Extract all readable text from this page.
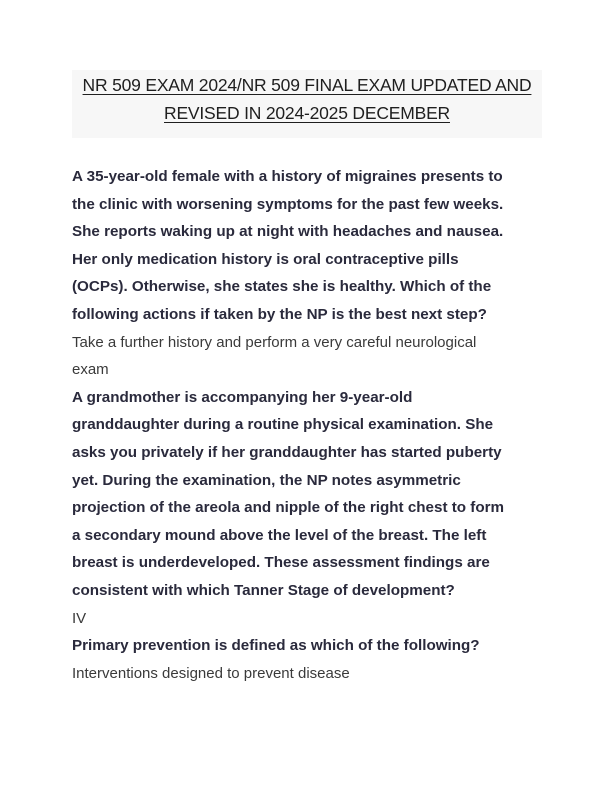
NR 509 EXAM 2024/NR 509 FINAL EXAM UPDATED AND
REVISED IN 2024-2025 DECEMBER
A 35-year-old female with a history of migraines presents to
the clinic with worsening symptoms for the past few weeks.
She reports waking up at night with headaches and nausea.
Her only medication history is oral contraceptive pills
(OCPs). Otherwise, she states she is healthy. Which of the
following actions if taken by the NP is the best next step?
Take a further history and perform a very careful neurological
exam
A grandmother is accompanying her 9-year-old
granddaughter during a routine physical examination. She
asks you privately if her granddaughter has started puberty
yet. During the examination, the NP notes asymmetric
projection of the areola and nipple of the right chest to form
a secondary mound above the level of the breast. The left
breast is underdeveloped. These assessment findings are
consistent with which Tanner Stage of development?
IV
Primary prevention is defined as which of the following?
Interventions designed to prevent disease
